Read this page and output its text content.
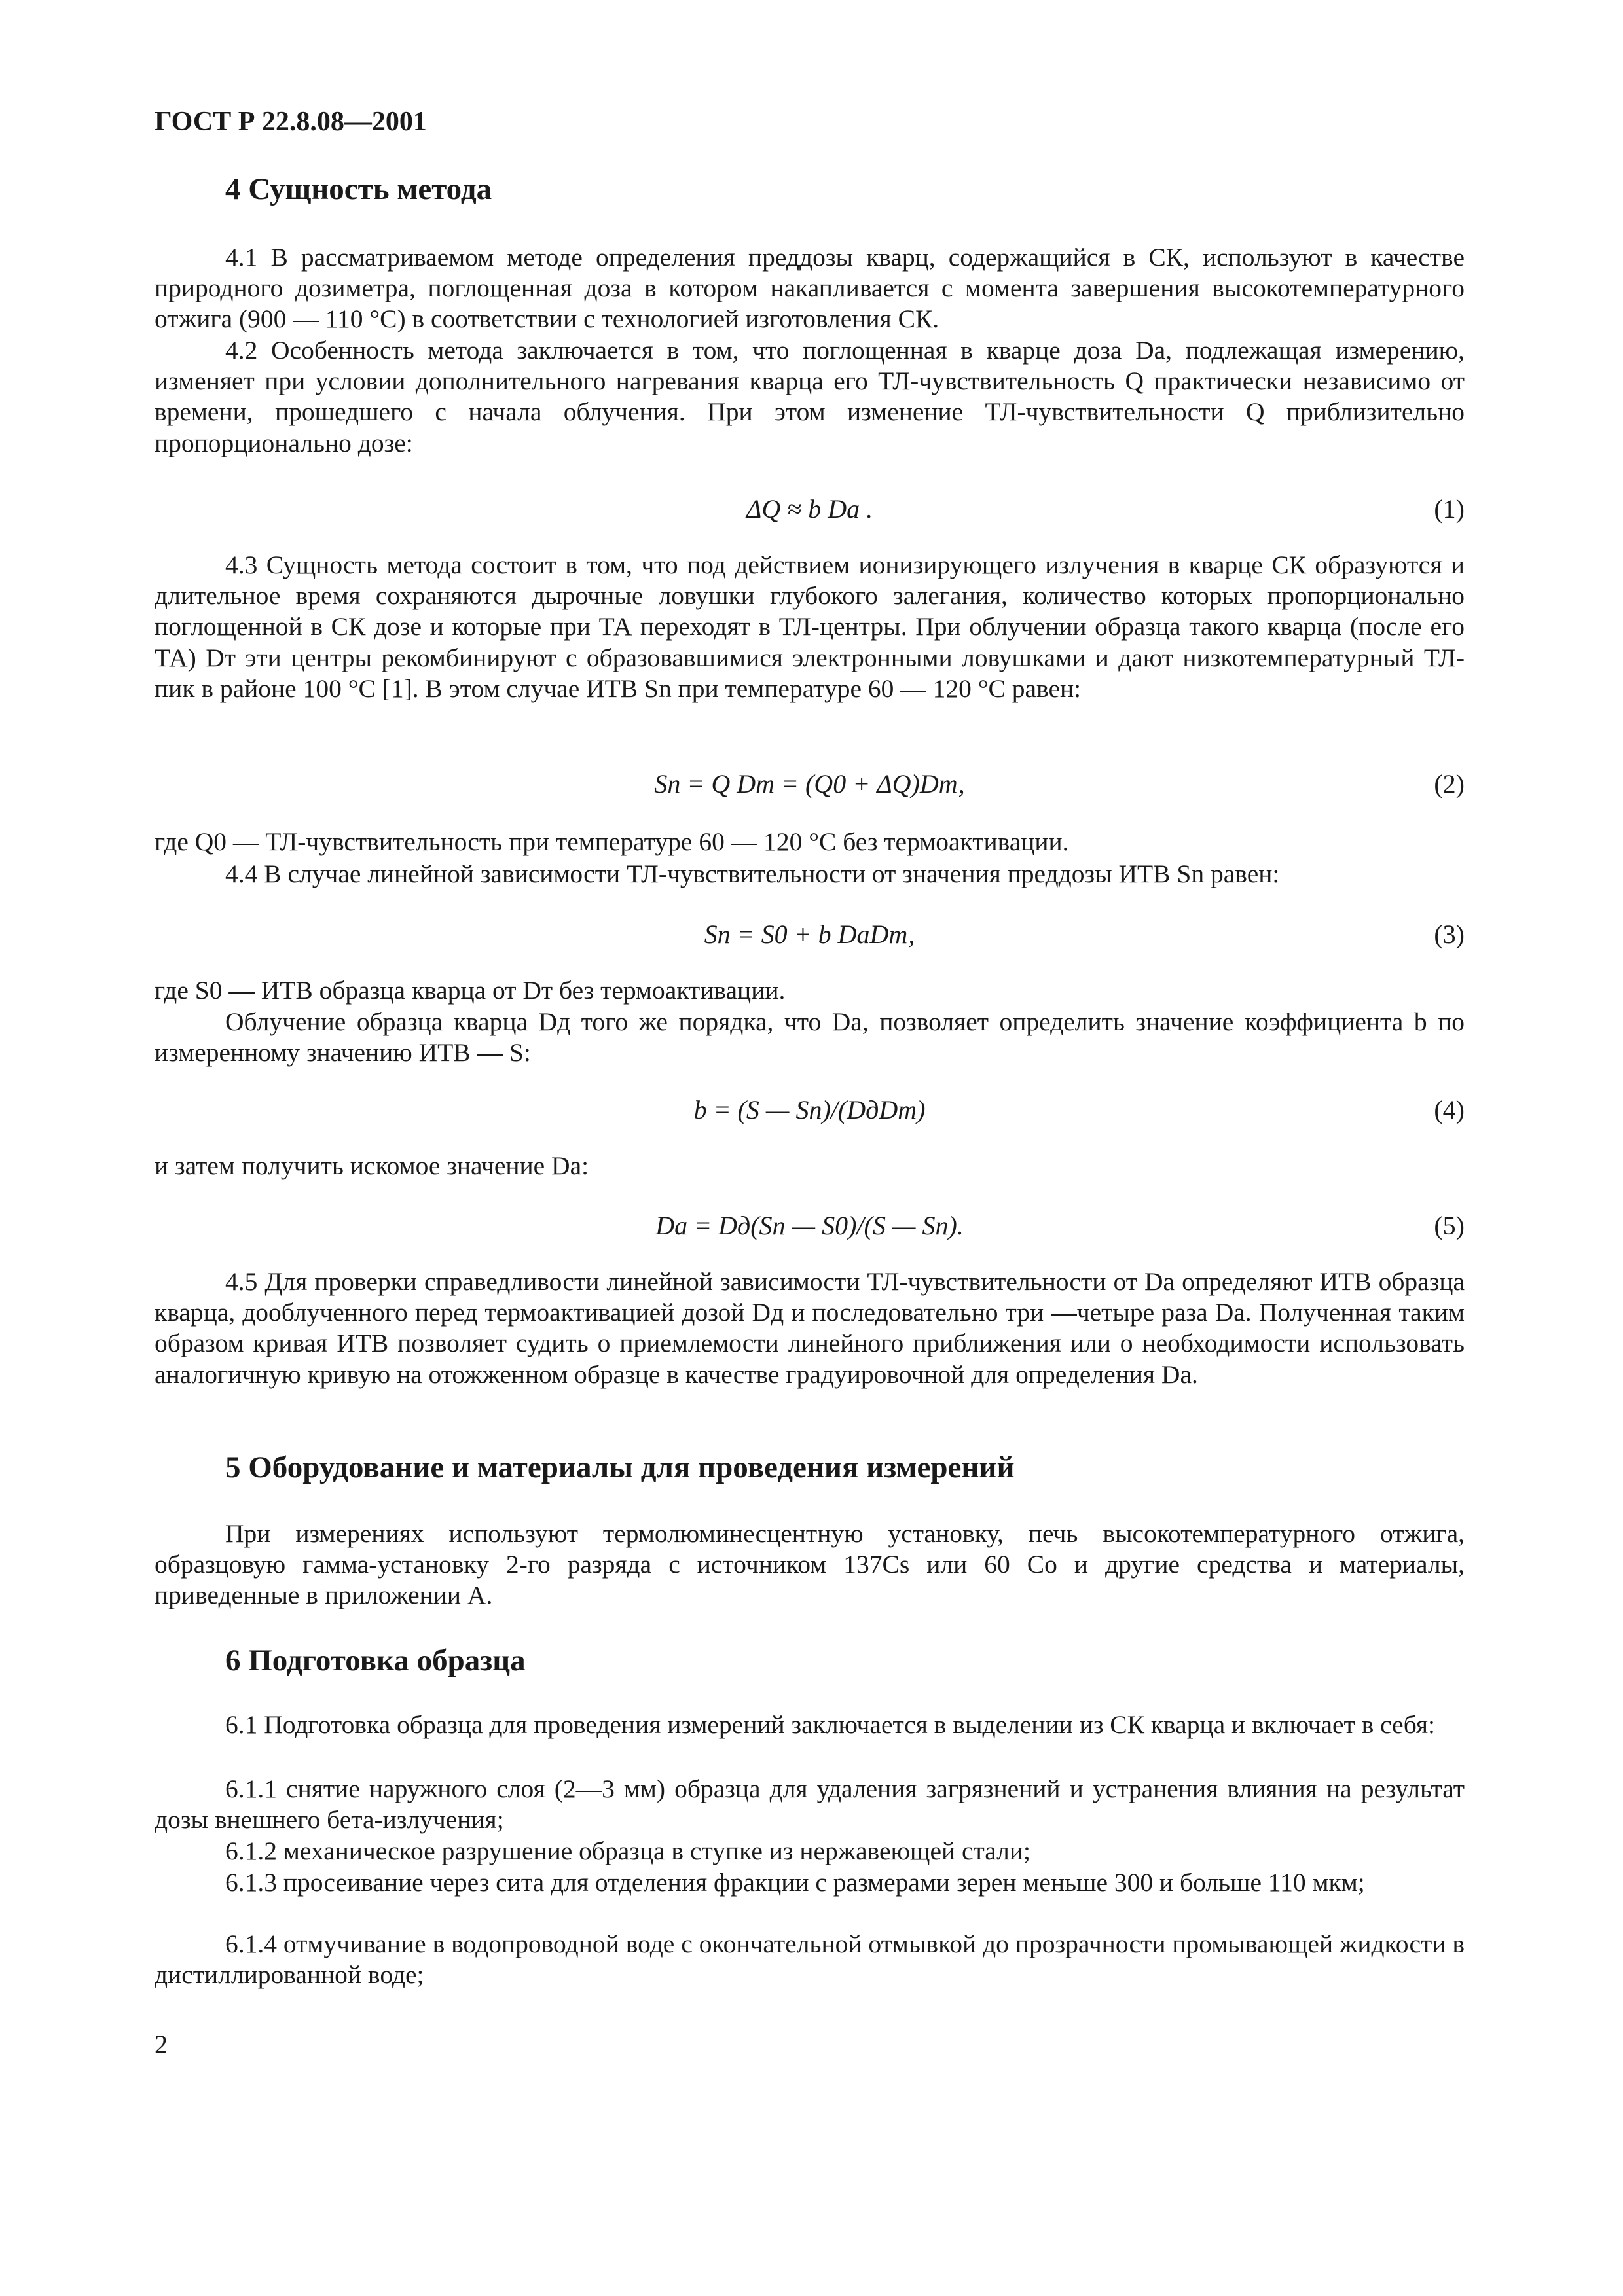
ГОСТ Р 22.8.08—2001
4 Сущность метода

4.1 В рассматриваемом методе определения преддозы кварц, содержащийся в СК, используют в качестве природного дозиметра, поглощенная доза в котором накапливается с момента завершения высокотемпературного отжига (900 — 110 °С) в соответствии с технологией изготовления СК.

4.2 Особенность метода заключается в том, что поглощенная в кварце доза Da, подлежащая измерению, изменяет при условии дополнительного нагревания кварца его ТЛ-чувствительность Q практически независимо от времени, прошедшего с начала облучения. При этом изменение ТЛ-чувствительности Q приблизительно пропорционально дозе:

ΔQ ≈ b Da .	(1)

4.3 Сущность метода состоит в том, что под действием ионизирующего излучения в кварце СК образуются и длительное время сохраняются дырочные ловушки глубокого залегания, количество которых пропорционально поглощенной в СК дозе и которые при ТА переходят в ТЛ-центры. При облучении образца такого кварца (после его ТА) Dт эти центры рекомбинируют с образовавшимися электронными ловушками и дают низкотемпературный ТЛ-пик в районе 100 °С [1]. В этом случае ИТВ Sn при температуре 60 — 120 °С равен:

Sn = Q Dт = (Q0 + ΔQ)Dт,	(2)

где Q0 — ТЛ-чувствительность при температуре 60 — 120 °С без термоактивации.

4.4 В случае линейной зависимости ТЛ-чувствительности от значения преддозы ИТВ Sn равен:

Sn = S0 + b DaDт,	(3)

где S0 — ИТВ образца кварца от Dт без термоактивации.

Облучение образца кварца Dд того же порядка, что Da, позволяет определить значение коэффициента b по измеренному значению ИТВ — S:

b = (S — Sn)/(DдDт)	(4)

и затем получить искомое значение Da:

Da = Dд(Sn — S0)/(S — Sn).	(5)

4.5 Для проверки справедливости линейной зависимости ТЛ-чувствительности от Da определяют ИТВ образца кварца, дооблученного перед термоактивацией дозой Dд и последовательно три —четыре раза Da. Полученная таким образом кривая ИТВ позволяет судить о приемлемости линейного приближения или о необходимости использовать аналогичную кривую на отожженном образце в качестве градуировочной для определения Da.

5 Оборудование и материалы для проведения измерений

При измерениях используют термолюминесцентную установку, печь высокотемпературного отжига, образцовую гамма-установку 2-го разряда с источником 137Cs или 60 Co и другие средства и материалы, приведенные в приложении А.

6 Подготовка образца

6.1 Подготовка образца для проведения измерений заключается в выделении из СК кварца и включает в себя:

6.1.1 снятие наружного слоя (2—3 мм) образца для удаления загрязнений и устранения влияния на результат дозы внешнего бета-излучения;

6.1.2 механическое разрушение образца в ступке из нержавеющей стали;

6.1.3 просеивание через сита для отделения фракции с размерами зерен меньше 300 и больше 110 мкм;

6.1.4 отмучивание в водопроводной воде с окончательной отмывкой до прозрачности промывающей жидкости в дистиллированной воде;

2
